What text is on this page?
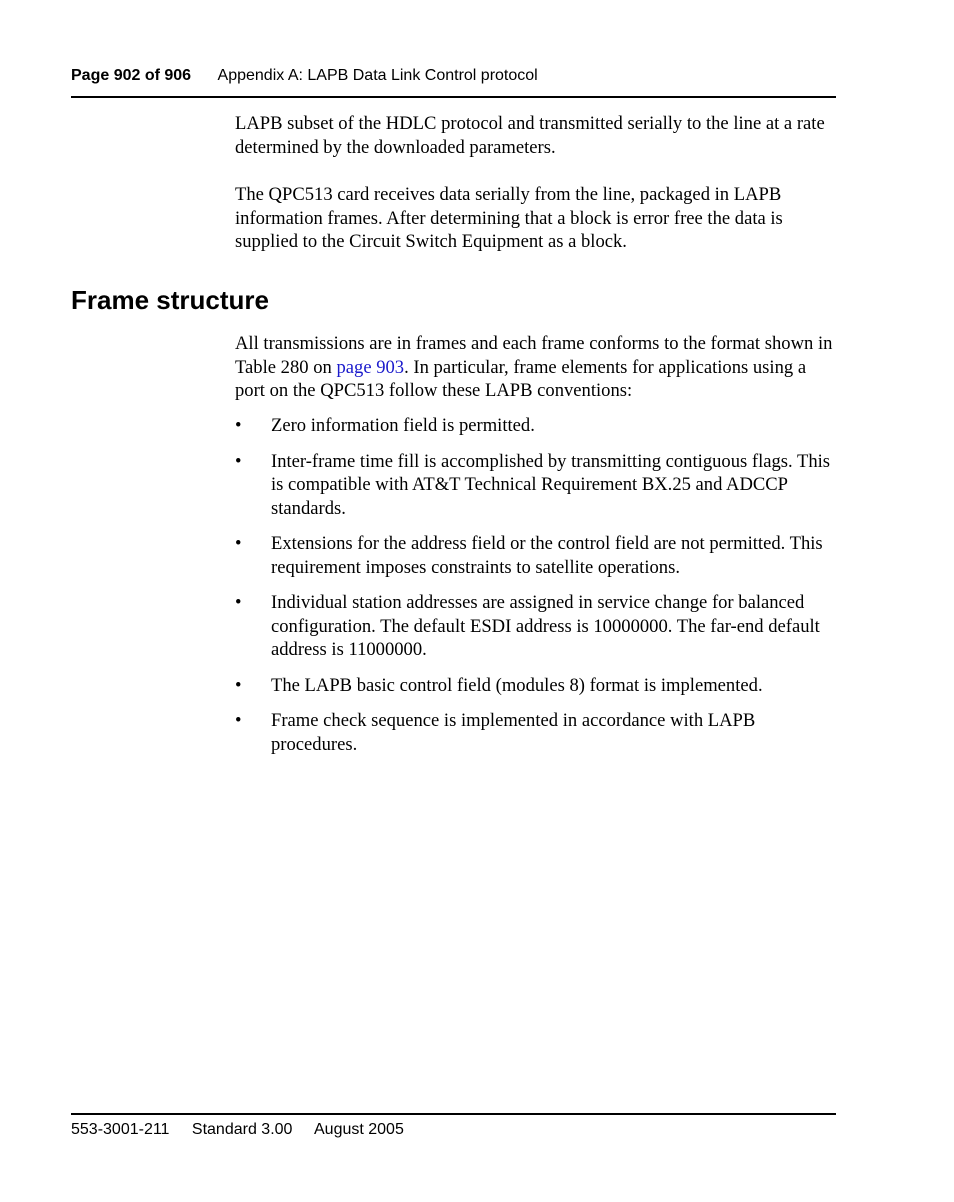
Page 902 of 906 Appendix A: LAPB Data Link Control protocol

LAPB subset of the HDLC protocol and transmitted serially to the line at a rate determined by the downloaded parameters.

The QPC513 card receives data serially from the line, packaged in LAPB information frames. After determining that a block is error free the data is supplied to the Circuit Switch Equipment as a block.

Frame structure

All transmissions are in frames and each frame conforms to the format shown in Table 280 on page 903. In particular, frame elements for applications using a port on the QPC513 follow these LAPB conventions:

• Zero information field is permitted.
• Inter-frame time fill is accomplished by transmitting contiguous flags. This is compatible with AT&T Technical Requirement BX.25 and ADCCP standards.
• Extensions for the address field or the control field are not permitted. This requirement imposes constraints to satellite operations.
• Individual station addresses are assigned in service change for balanced configuration. The default ESDI address is 10000000. The far-end default address is 11000000.
• The LAPB basic control field (modules 8) format is implemented.
• Frame check sequence is implemented in accordance with LAPB procedures.
553-3001-211 Standard 3.00 August 2005
